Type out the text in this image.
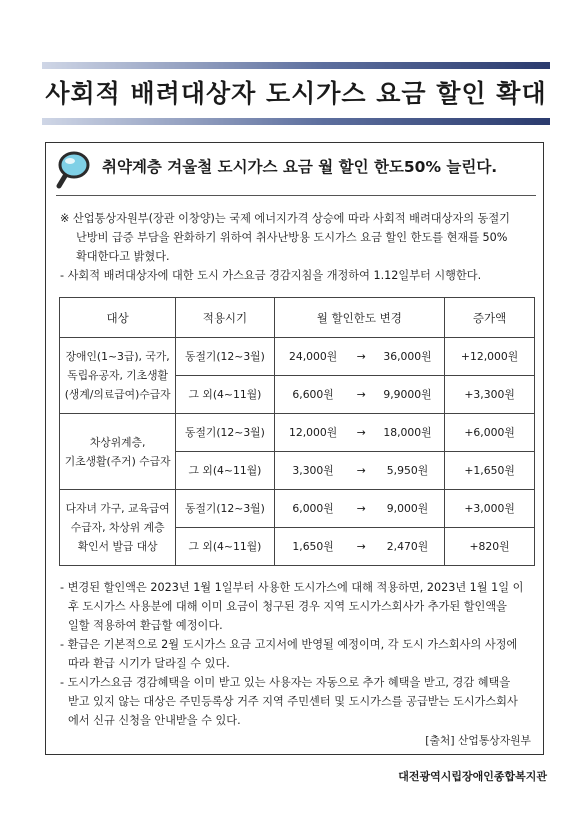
사회적 배려대상자 도시가스 요금 할인 확대
취약계층 겨울철 도시가스 요금 월 할인 한도50% 늘린다.
※ 산업통상자원부(장관 이창양)는 국제 에너지가격 상승에 따라 사회적 배려대상자의 동절기
난방비 급증 부담을 완화하기 위하여 취사난방용 도시가스 요금 할인 한도를 현재를 50%
확대한다고 밝혔다.
- 사회적 배려대상자에 대한 도시 가스요금 경감지침을 개정하여 1.12일부터 시행한다.
대상	적용시기	월 할인한도 변경			증가액
장애인(1~3급), 국가,
독립유공자, 기초생활
(생계/의료급여)수급자	동절기(12~3월)	24,000원	→	36,000원	+12,000원
	그 외(4~11월)	6,600원	→	9,9000원	+3,300원
차상위계층,
기초생활(주거) 수급자	동절기(12~3월)	12,000원	→	18,000원	+6,000원
	그 외(4~11월)	3,300원	→	5,950원	+1,650원
다자녀 가구, 교육급여
수급자, 차상위 계층
확인서 발급 대상	동절기(12~3월)	6,000원	→	9,000원	+3,000원
	그 외(4~11월)	1,650원	→	2,470원	+820원
- 변경된 할인액은 2023년 1월 1일부터 사용한 도시가스에 대해 적용하면, 2023년 1월 1일 이
후 도시가스 사용분에 대해 이미 요금이 청구된 경우 지역 도시가스회사가 추가된 할인액을
일할 적용하여 환급할 예정이다.
- 환급은 기본적으로 2월 도시가스 요금 고지서에 반영될 예정이며, 각 도시 가스회사의 사정에
따라 환급 시기가 달라질 수 있다.
- 도시가스요금 경감혜택을 이미 받고 있는 사용자는 자동으로 추가 혜택을 받고, 경감 혜택을
받고 있지 않는 대상은 주민등록상 거주 지역 주민센터 및 도시가스를 공급받는 도시가스회사
에서 신규 신청을 안내받을 수 있다.
[출처] 산업통상자원부
대전광역시립장애인종합복지관
